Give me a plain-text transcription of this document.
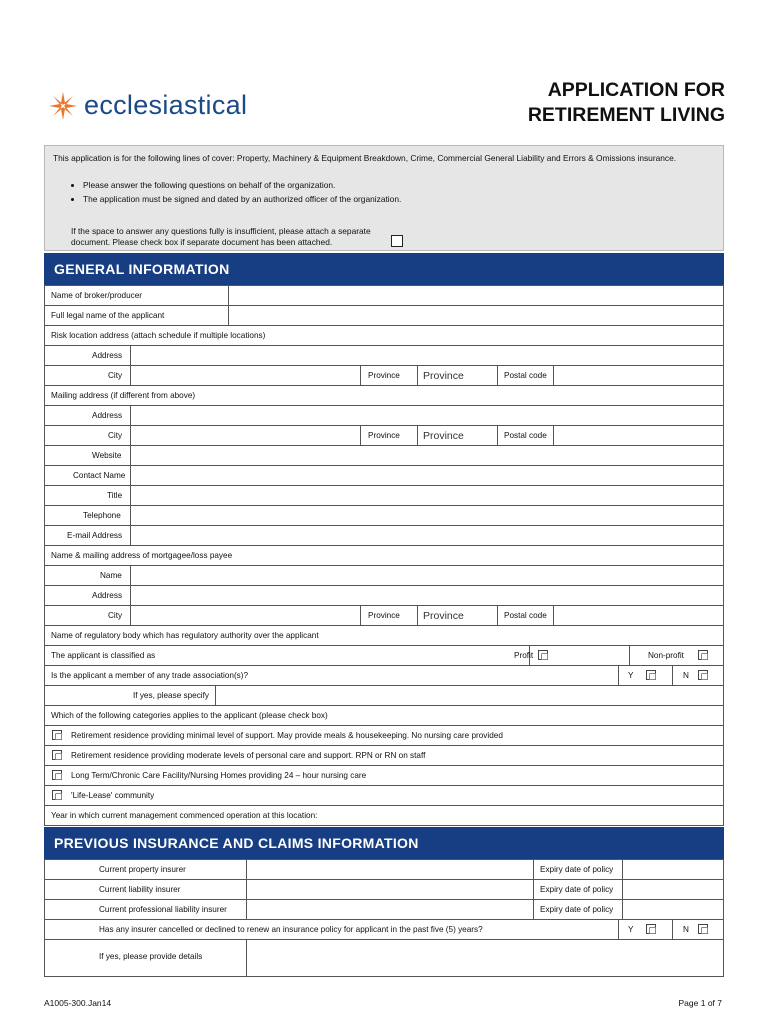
ecclesiastical	APPLICATION FOR
RETIREMENT LIVING
This application is for the following lines of cover: Property, Machinery & Equipment Breakdown, Crime, Commercial General Liability and Errors & Omissions insurance.
• Please answer the following questions on behalf of the organization.
• The application must be signed and dated by an authorized officer of the organization.
If the space to answer any questions fully is insufficient, please attach a separate
document. Please check box if separate document has been attached.
GENERAL INFORMATION
Name of broker/producer
Full legal name of the applicant
Risk location address (attach schedule if multiple locations)
Address
City	Province Province	Postal code
Mailing address (if different from above)
Address
City	Province Province	Postal code
Website
Contact Name
Title
Telephone
E-mail Address
Name & mailing address of mortgagee/loss payee
Name
Address
City	Province Province	Postal code
Name of regulatory body which has regulatory authority over the applicant
The applicant is classified as	Profit	Non-profit
Is the applicant a member of any trade association(s)?	Y	N
If yes, please specify
Which of the following categories applies to the applicant (please check box)
Retirement residence providing minimal level of support. May provide meals & housekeeping. No nursing care provided
Retirement residence providing moderate levels of personal care and support. RPN or RN on staff
Long Term/Chronic Care Facility/Nursing Homes providing 24 – hour nursing care
'Life-Lease' community
Year in which current management commenced operation at this location:
PREVIOUS INSURANCE AND CLAIMS INFORMATION
Current property insurer	Expiry date of policy
Current liability insurer	Expiry date of policy
Current professional liability insurer	Expiry date of policy
Has any insurer cancelled or declined to renew an insurance policy for applicant in the past five (5) years?	Y	N
If yes, please provide details
A1005-300.Jan14	Page 1 of 7
